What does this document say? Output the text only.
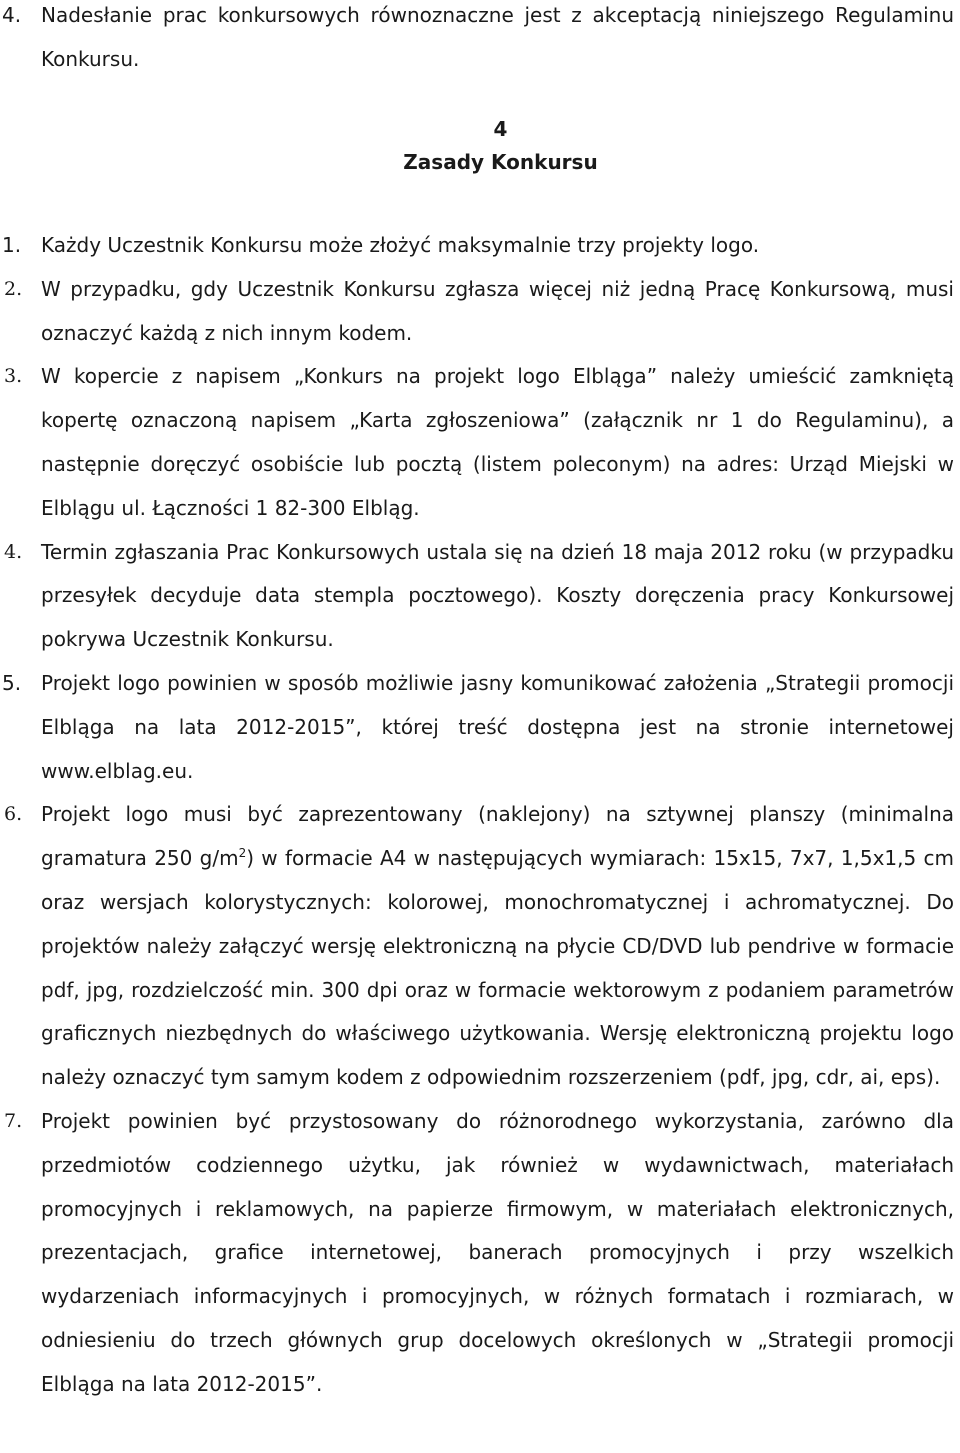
4. Nadesłanie prac konkursowych równoznaczne jest z akceptacją niniejszego Regulaminu Konkursu.
4
Zasady Konkursu
1. Każdy Uczestnik Konkursu może złożyć maksymalnie trzy projekty logo.
2. W przypadku, gdy Uczestnik Konkursu zgłasza więcej niż jedną Pracę Konkursową, musi oznaczyć każdą z nich innym kodem.
3. W kopercie z napisem „Konkurs na projekt logo Elbląga” należy umieścić zamkniętą kopertę oznaczoną napisem „Karta zgłoszeniowa” (załącznik nr 1 do Regulaminu), a następnie doręczyć osobiście lub pocztą (listem poleconym) na adres: Urząd Miejski w Elblągu ul. Łączności 1 82-300 Elbląg.
4. Termin zgłaszania Prac Konkursowych ustala się na dzień 18 maja 2012 roku (w przypadku przesyłek decyduje data stempla pocztowego). Koszty doręczenia pracy Konkursowej pokrywa Uczestnik Konkursu.
5. Projekt logo powinien w sposób możliwie jasny komunikować założenia „Strategii promocji Elbląga na lata 2012-2015”, której treść dostępna jest na stronie internetowej www.elblag.eu.
6. Projekt logo musi być zaprezentowany (naklejony) na sztywnej planszy (minimalna gramatura 250 $g/m^2$) w formacie A4 w następujących wymiarach: 15x15, 7x7, 1,5x1,5 cm oraz wersjach kolorystycznych: kolorowej, monochromatycznej i achromatycznej. Do projektów należy załączyć wersję elektroniczną na płycie CD/DVD lub pendrive w formacie pdf, jpg, rozdzielczość min. 300 dpi oraz w formacie wektorowym z podaniem parametrów graficznych niezbędnych do właściwego użytkowania. Wersję elektroniczną projektu logo należy oznaczyć tym samym kodem z odpowiednim rozszerzeniem (pdf, jpg, cdr, ai, eps).
7. Projekt powinien być przystosowany do różnorodnego wykorzystania, zarówno dla przedmiotów codziennego użytku, jak również w wydawnictwach, materiałach promocyjnych i reklamowych, na papierze firmowym, w materiałach elektronicznych, prezentacjach, grafice internetowej, banerach promocyjnych i przy wszelkich wydarzeniach informacyjnych i promocyjnych, w różnych formatach i rozmiarach, w odniesieniu do trzech głównych grup docelowych określonych w „Strategii promocji Elbląga na lata 2012-2015”.
